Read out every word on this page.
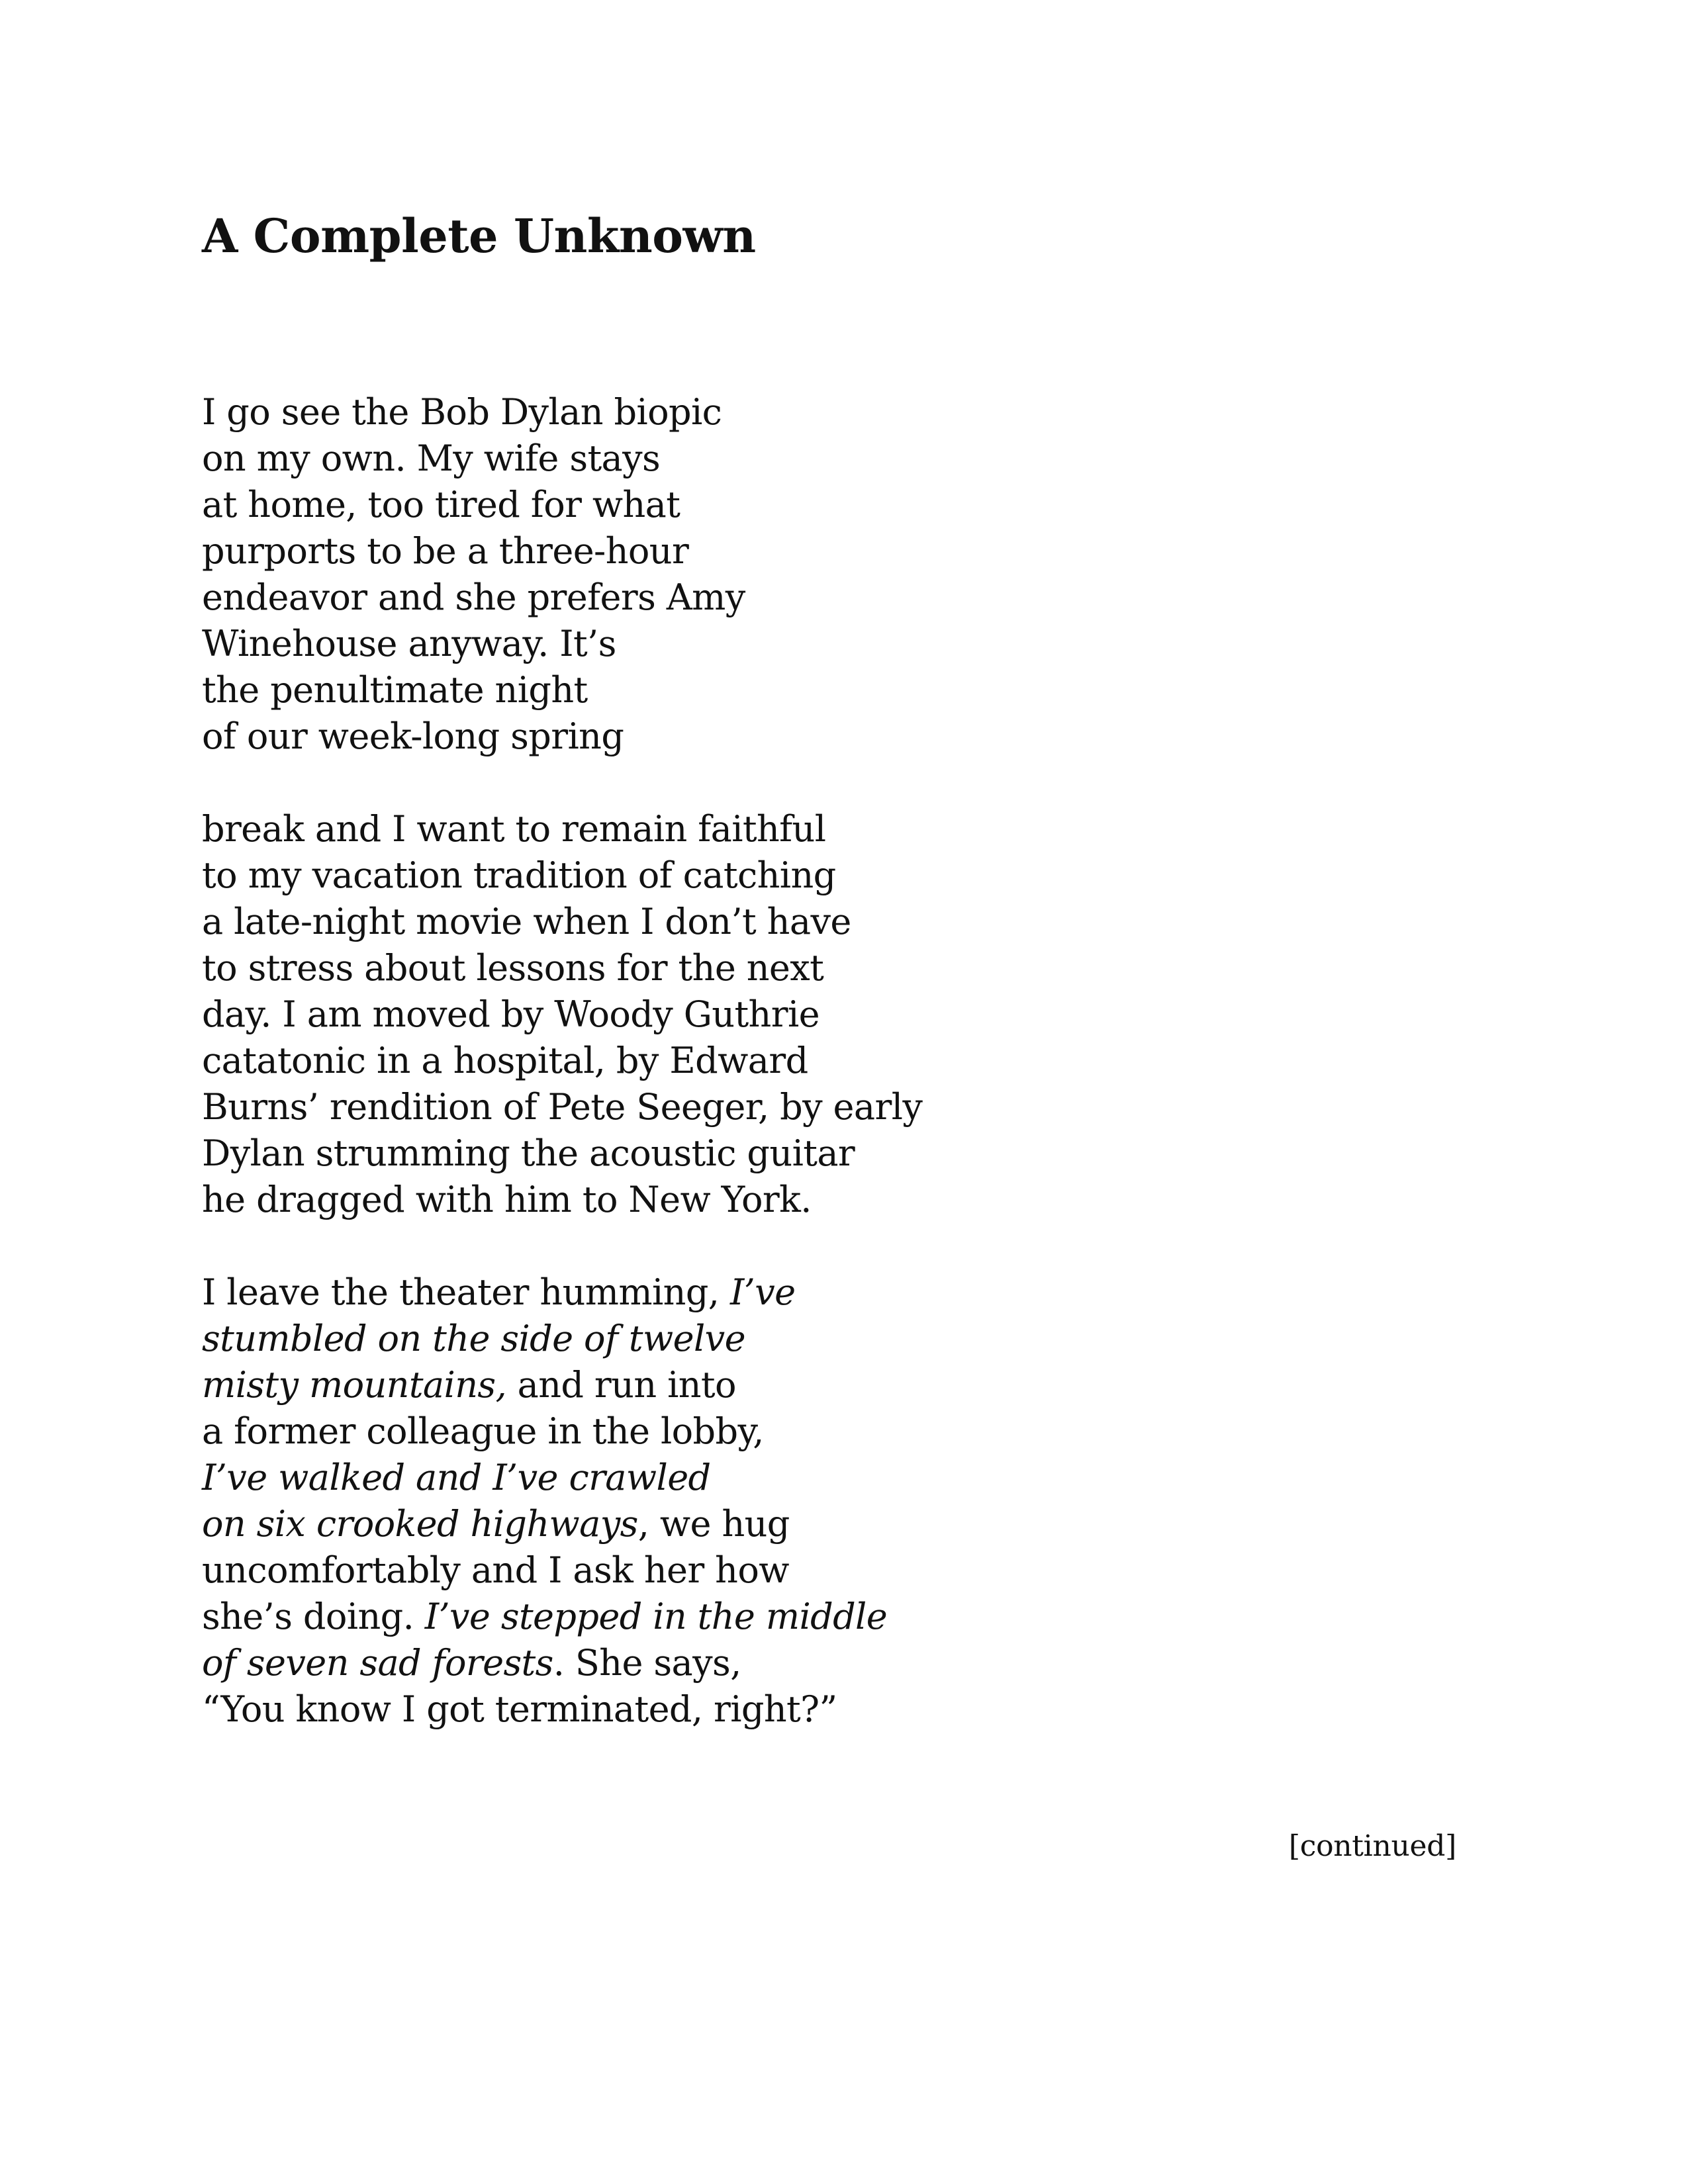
A Complete Unknown
I go see the Bob Dylan biopic
on my own. My wife stays
at home, too tired for what
purports to be a three-hour
endeavor and she prefers Amy
Winehouse anyway. It’s
the penultimate night
of our week-long spring
break and I want to remain faithful
to my vacation tradition of catching
a late-night movie when I don’t have
to stress about lessons for the next
day. I am moved by Woody Guthrie
catatonic in a hospital, by Edward
Burns’ rendition of Pete Seeger, by early
Dylan strumming the acoustic guitar
he dragged with him to New York.
I leave the theater humming, I’ve
stumbled on the side of twelve
misty mountains, and run into
a former colleague in the lobby,
I’ve walked and I’ve crawled
on six crooked highways, we hug
uncomfortably and I ask her how
she’s doing. I’ve stepped in the middle
of seven sad forests. She says,
“You know I got terminated, right?”
[continued]
